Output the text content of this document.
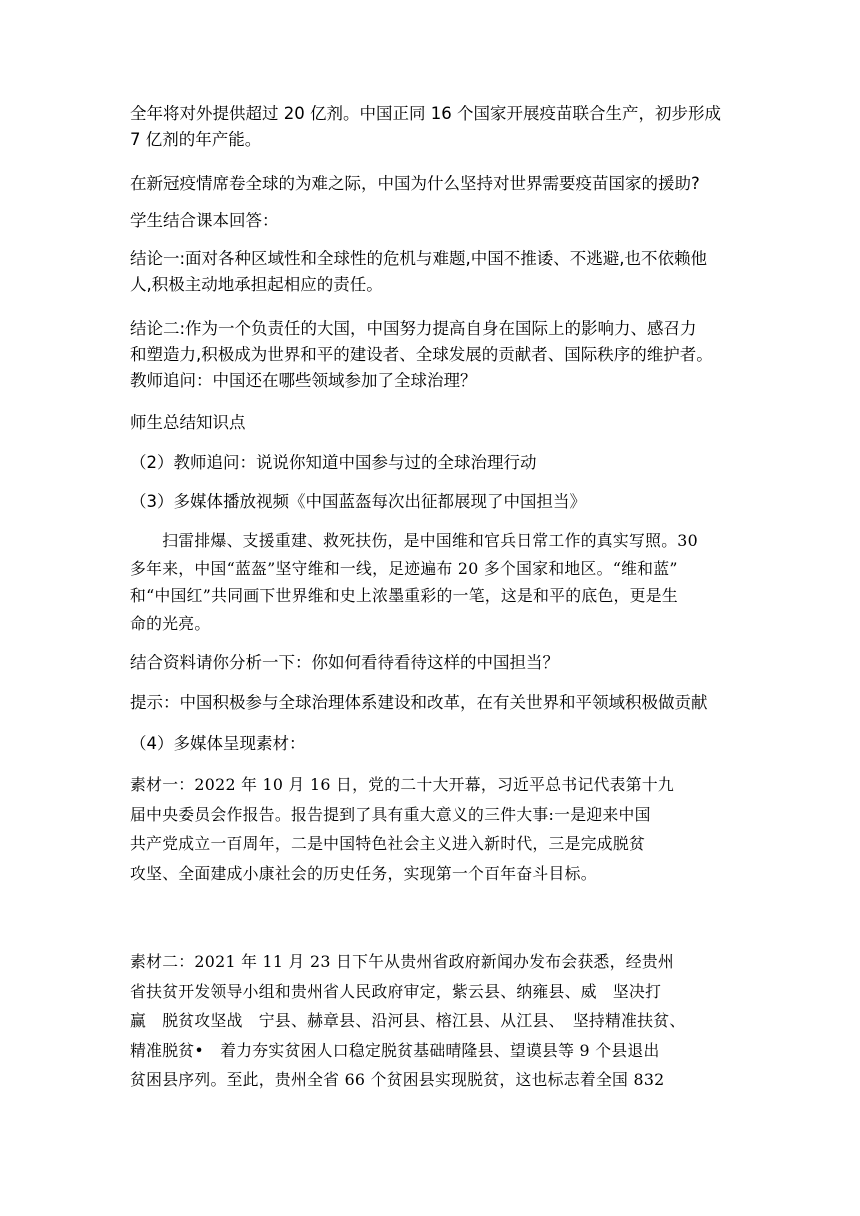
全年将对外提供超过 20 亿剂。中国正同 16 个国家开展疫苗联合生产，初步形成
7 亿剂的年产能。
在新冠疫情席卷全球的为难之际，中国为什么坚持对世界需要疫苗国家的援助?
学生结合课本回答：
结论一:面对各种区域性和全球性的危机与难题,中国不推诿、不逃避,也不依赖他
人,积极主动地承担起相应的责任。
结论二:作为一个负责任的大国，中国努力提高自身在国际上的影响力、感召力
和塑造力,积极成为世界和平的建设者、全球发展的贡献者、国际秩序的维护者。
教师追问：中国还在哪些领域参加了全球治理？
师生总结知识点
（2）教师追问：说说你知道中国参与过的全球治理行动
（3）多媒体播放视频《中国蓝盔每次出征都展现了中国担当》
　　扫雷排爆、支援重建、救死扶伤，是中国维和官兵日常工作的真实写照。30
多年来，中国“蓝盔”坚守维和一线，足迹遍布 20 多个国家和地区。“维和蓝”
和“中国红”共同画下世界维和史上浓墨重彩的一笔，这是和平的底色，更是生
命的光亮。
结合资料请你分析一下：你如何看待看待这样的中国担当？
提示：中国积极参与全球治理体系建设和改革，在有关世界和平领域积极做贡献
（4）多媒体呈现素材：
素材一：2022 年 10 月 16 日，党的二十大开幕，习近平总书记代表第十九
届中央委员会作报告。报告提到了具有重大意义的三件大事:一是迎来中国
共产党成立一百周年，二是中国特色社会主义进入新时代，三是完成脱贫
攻坚、全面建成小康社会的历史任务，实现第一个百年奋斗目标。
素材二：2021 年 11 月 23 日下午从贵州省政府新闻办发布会获悉，经贵州
省扶贫开发领导小组和贵州省人民政府审定，紫云县、纳雍县、威　坚决打
赢　脱贫攻坚战　宁县、赫章县、沿河县、榕江县、从江县、　坚持精准扶贫、
精准脱贫•　着力夯实贫困人口稳定脱贫基础晴隆县、望谟县等 9 个县退出
贫困县序列。至此，贵州全省 66 个贫困县实现脱贫，这也标志着全国 832
